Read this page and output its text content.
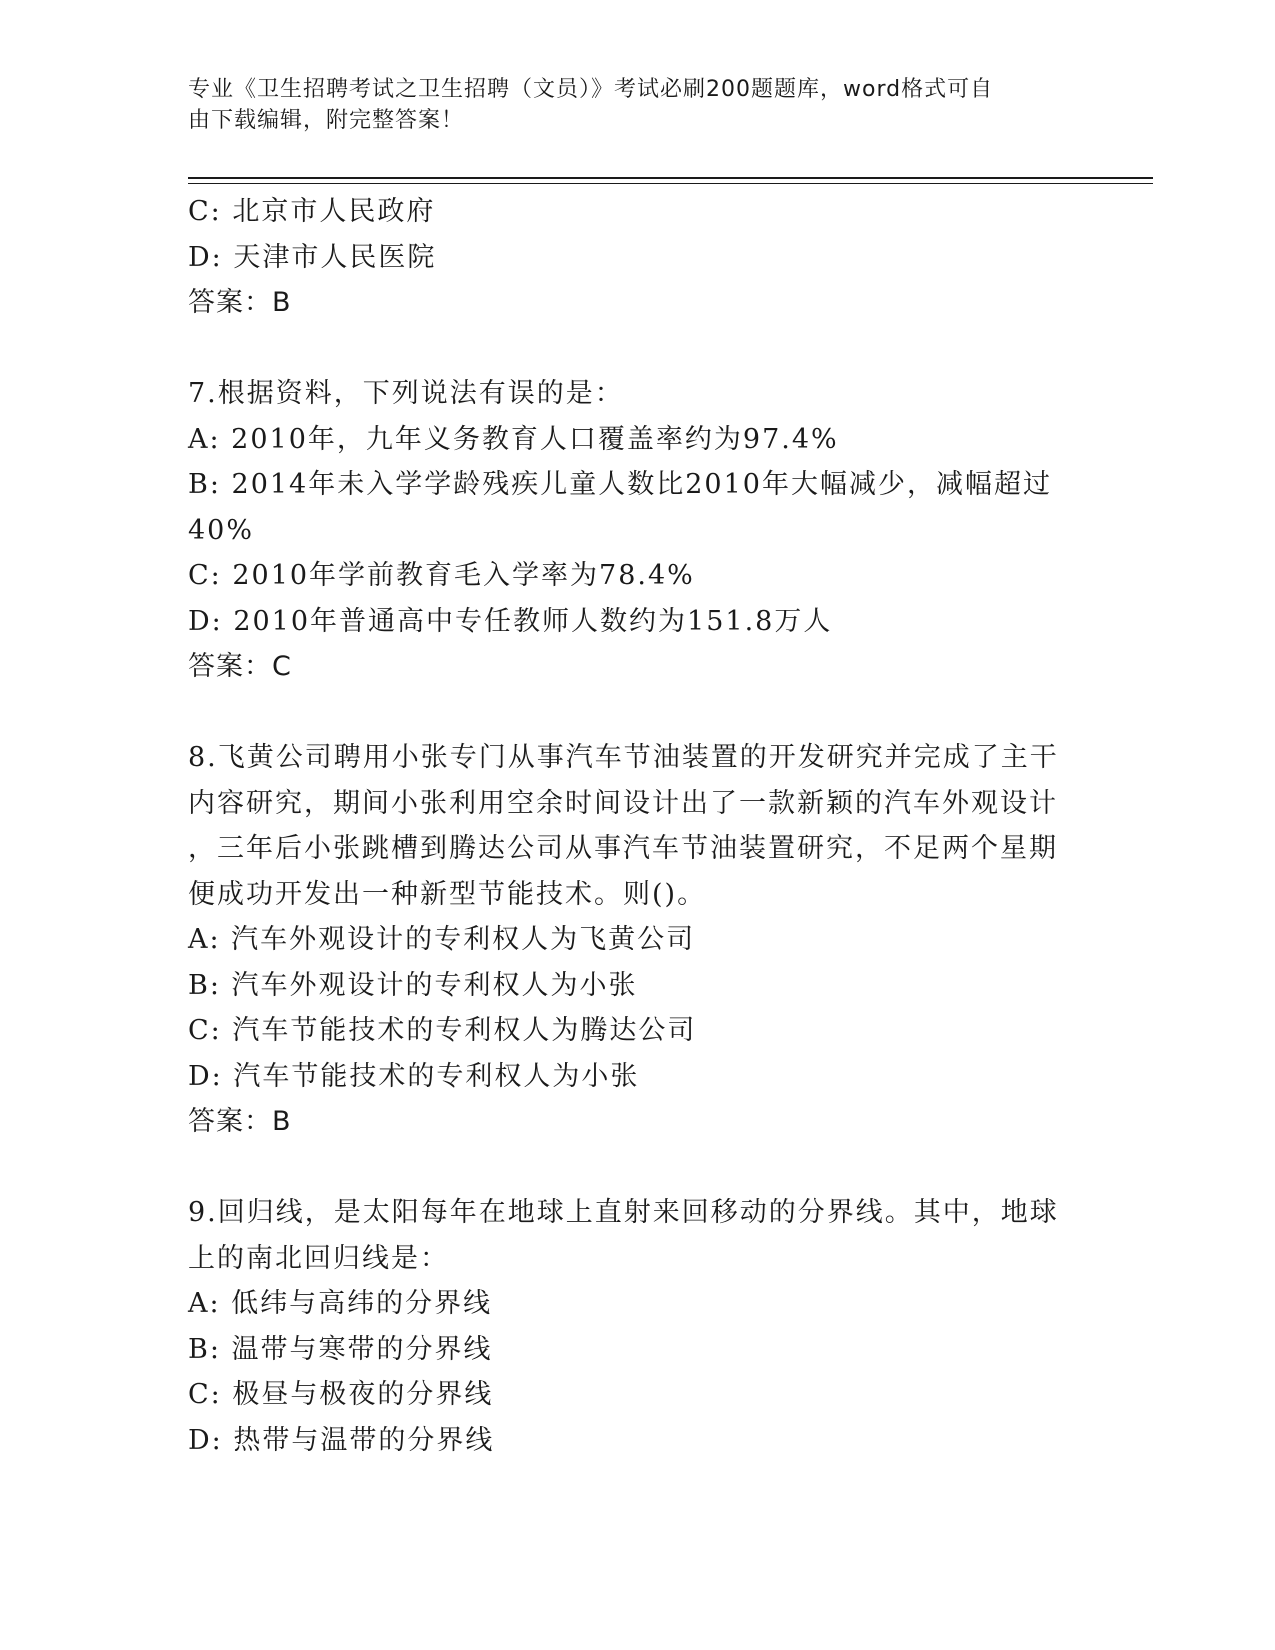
专业《卫生招聘考试之卫生招聘（文员）》考试必刷200题题库，word格式可自
由下载编辑，附完整答案！
C: 北京市人民政府
D: 天津市人民医院
答案：B
7.根据资料，下列说法有误的是：
A: 2010年，九年义务教育人口覆盖率约为97.4%
B: 2014年未入学学龄残疾儿童人数比2010年大幅减少，减幅超过
40%
C: 2010年学前教育毛入学率为78.4%
D: 2010年普通高中专任教师人数约为151.8万人
答案：C
8.飞黄公司聘用小张专门从事汽车节油装置的开发研究并完成了主干
内容研究，期间小张利用空余时间设计出了一款新颖的汽车外观设计
，三年后小张跳槽到腾达公司从事汽车节油装置研究，不足两个星期
便成功开发出一种新型节能技术。则()。
A: 汽车外观设计的专利权人为飞黄公司
B: 汽车外观设计的专利权人为小张
C: 汽车节能技术的专利权人为腾达公司
D: 汽车节能技术的专利权人为小张
答案：B
9.回归线，是太阳每年在地球上直射来回移动的分界线。其中，地球
上的南北回归线是：
A: 低纬与高纬的分界线
B: 温带与寒带的分界线
C: 极昼与极夜的分界线
D: 热带与温带的分界线
